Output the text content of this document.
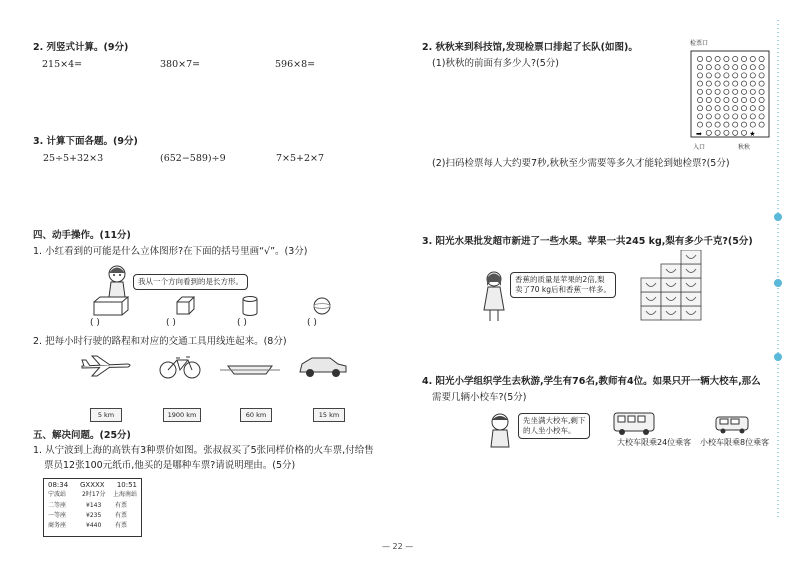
2. 列竖式计算。(9分)
215×4=	380×7=	596×8=
3. 计算下面各题。(9分)
25÷5+32×3	(652−589)÷9	7×5+2×7
四、动手操作。(11分)
1. 小红看到的可能是什么立体图形?在下面的括号里画“√”。(3分)
我从一个方向看到的是长方形。
( )	( )	( )	( )
2. 把每小时行驶的路程和对应的交通工具用线连起来。(8分)
5 km	1900 km	60 km	15 km
五、解决问题。(25分)
1. 从宁波到上海的高铁有3种票价如图。张叔叔买了5张同样价格的火车票,付给售
票员12张100元纸币,他买的是哪种车票?请说明理由。(5分)
08:34 GXXXX 10:51
宁波站	2时17分 上海南站
二等座	¥143 有票
一等座	¥235 有票
商务座	¥440 有票
2. 秋秋来到科技馆,发现检票口排起了长队(如图)。
(1)秋秋的前面有多少人?(5分)
检票口
➡	★
入口	秋秋
(2)扫码检票每人大约要7秒,秋秋至少需要等多久才能轮到她检票?(5分)
3. 阳光水果批发超市新进了一些水果。苹果一共245 kg,梨有多少千克?(5分)
香蕉的质量是苹果的2倍,梨
卖了70 kg后和香蕉一样多。
4. 阳光小学组织学生去秋游,学生有76名,教师有4位。如果只开一辆大校车,那么
需要几辆小校车?(5分)
先坐满大校车,剩下
的人坐小校车。
大校车限乘24位乘客 小校车限乘8位乘客
— 22 —
